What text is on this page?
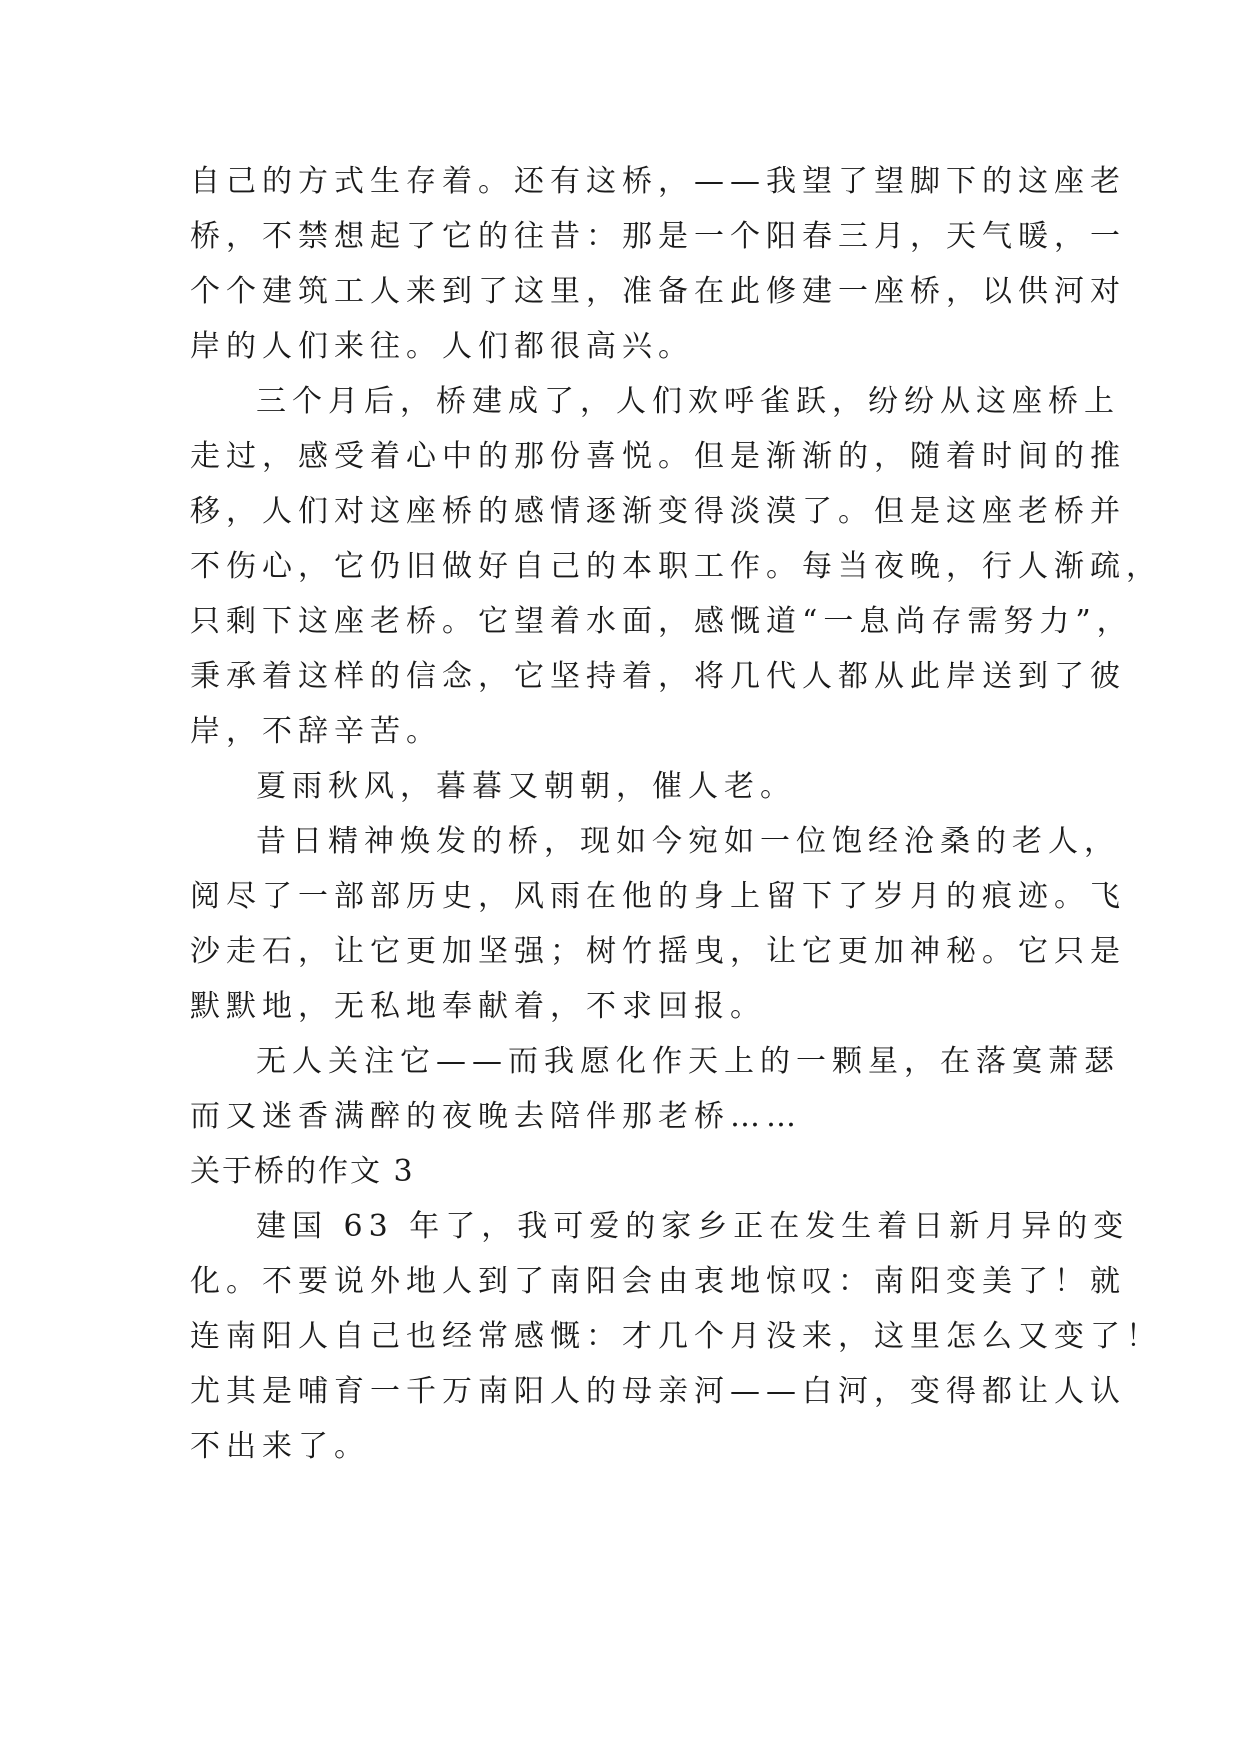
自己的方式生存着。还有这桥，——我望了望脚下的这座老
桥，不禁想起了它的往昔：那是一个阳春三月，天气暖，一
个个建筑工人来到了这里，准备在此修建一座桥，以供河对
岸的人们来往。人们都很高兴。
三个月后，桥建成了，人们欢呼雀跃，纷纷从这座桥上
走过，感受着心中的那份喜悦。但是渐渐的，随着时间的推
移，人们对这座桥的感情逐渐变得淡漠了。但是这座老桥并
不伤心，它仍旧做好自己的本职工作。每当夜晚，行人渐疏，
只剩下这座老桥。它望着水面，感慨道“一息尚存需努力”，
秉承着这样的信念，它坚持着，将几代人都从此岸送到了彼
岸，不辞辛苦。
夏雨秋风，暮暮又朝朝，催人老。
昔日精神焕发的桥，现如今宛如一位饱经沧桑的老人，
阅尽了一部部历史，风雨在他的身上留下了岁月的痕迹。飞
沙走石，让它更加坚强；树竹摇曳，让它更加神秘。它只是
默默地，无私地奉献着，不求回报。
无人关注它——而我愿化作天上的一颗星，在落寞萧瑟
而又迷香满醉的夜晚去陪伴那老桥……
关于桥的作文 3
建国 63 年了，我可爱的家乡正在发生着日新月异的变
化。不要说外地人到了南阳会由衷地惊叹：南阳变美了！就
连南阳人自己也经常感慨：才几个月没来，这里怎么又变了！
尤其是哺育一千万南阳人的母亲河——白河，变得都让人认
不出来了。
